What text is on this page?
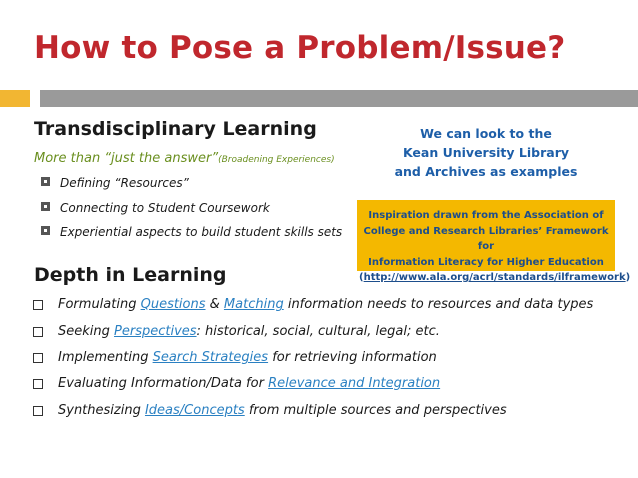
How to Pose a Problem/Issue?
Transdisciplinary Learning
More than “just the answer”(Broadening Experiences)
Defining “Resources”
Connecting to Student Coursework
Experiential aspects to build student skills sets
We can look to the
Kean University Library
and Archives as examples
Inspiration drawn from the Association of
College and Research Libraries’ Framework for
Information Literacy for Higher Education
(http://www.ala.org/acrl/standards/ilframework)
Depth in Learning
Formulating Questions & Matching information needs to resources and data types
Seeking Perspectives: historical, social, cultural, legal; etc.
Implementing Search Strategies for retrieving information
Evaluating Information/Data for Relevance and Integration
Synthesizing Ideas/Concepts from multiple sources and perspectives
